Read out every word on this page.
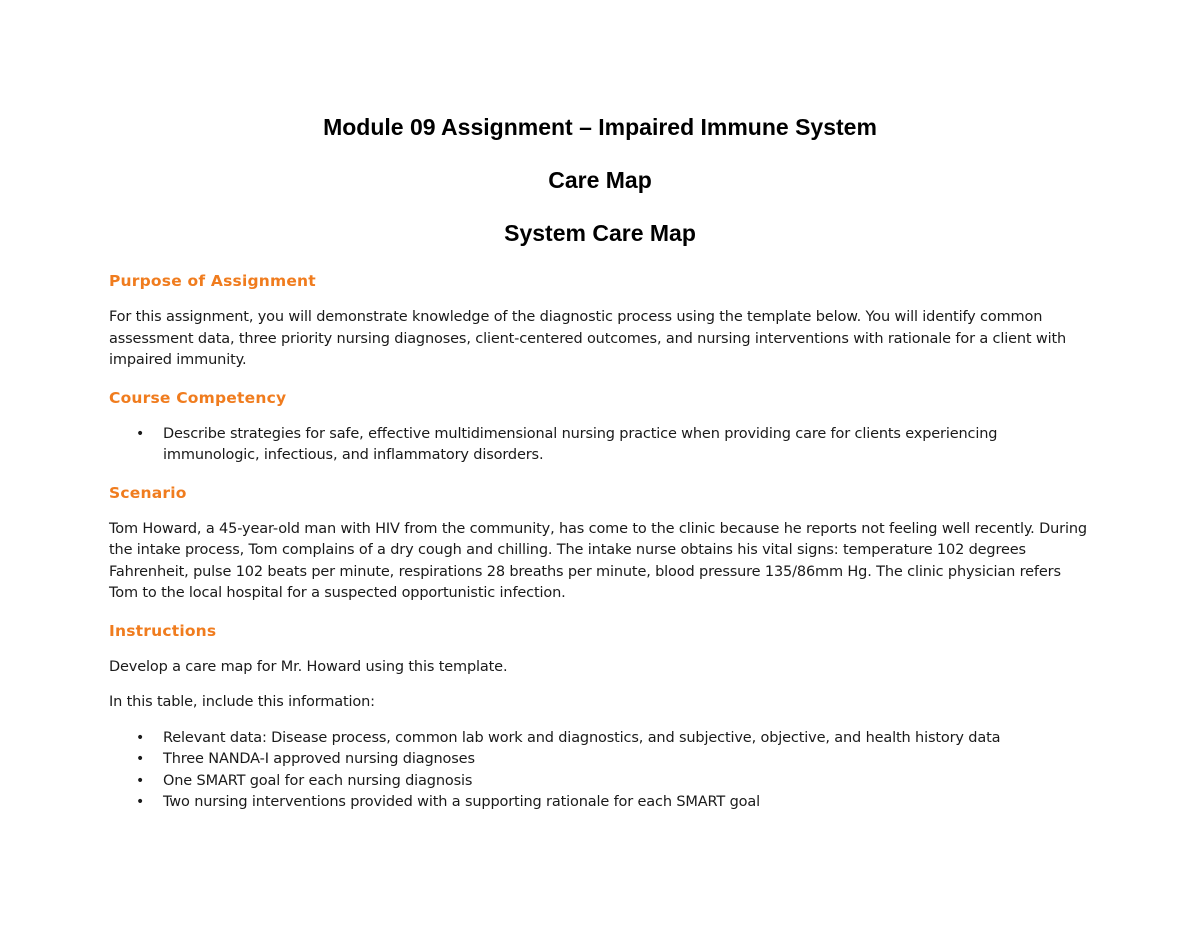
Module 09 Assignment – Impaired Immune System
Care Map
System Care Map
Purpose of Assignment

For this assignment, you will demonstrate knowledge of the diagnostic process using the template below. You will identify common assessment data, three priority nursing diagnoses, client-centered outcomes, and nursing interventions with rationale for a client with impaired immunity.

Course Competency
• Describe strategies for safe, effective multidimensional nursing practice when providing care for clients experiencing immunologic, infectious, and inflammatory disorders.
Scenario

Tom Howard, a 45-year-old man with HIV from the community, has come to the clinic because he reports not feeling well recently. During the intake process, Tom complains of a dry cough and chilling. The intake nurse obtains his vital signs: temperature 102 degrees Fahrenheit, pulse 102 beats per minute, respirations 28 breaths per minute, blood pressure 135/86mm Hg. The clinic physician refers Tom to the local hospital for a suspected opportunistic infection.

Instructions

Develop a care map for Mr. Howard using this template.

In this table, include this information:

• Relevant data: Disease process, common lab work and diagnostics, and subjective, objective, and health history data
• Three NANDA-I approved nursing diagnoses
• One SMART goal for each nursing diagnosis
• Two nursing interventions provided with a supporting rationale for each SMART goal
